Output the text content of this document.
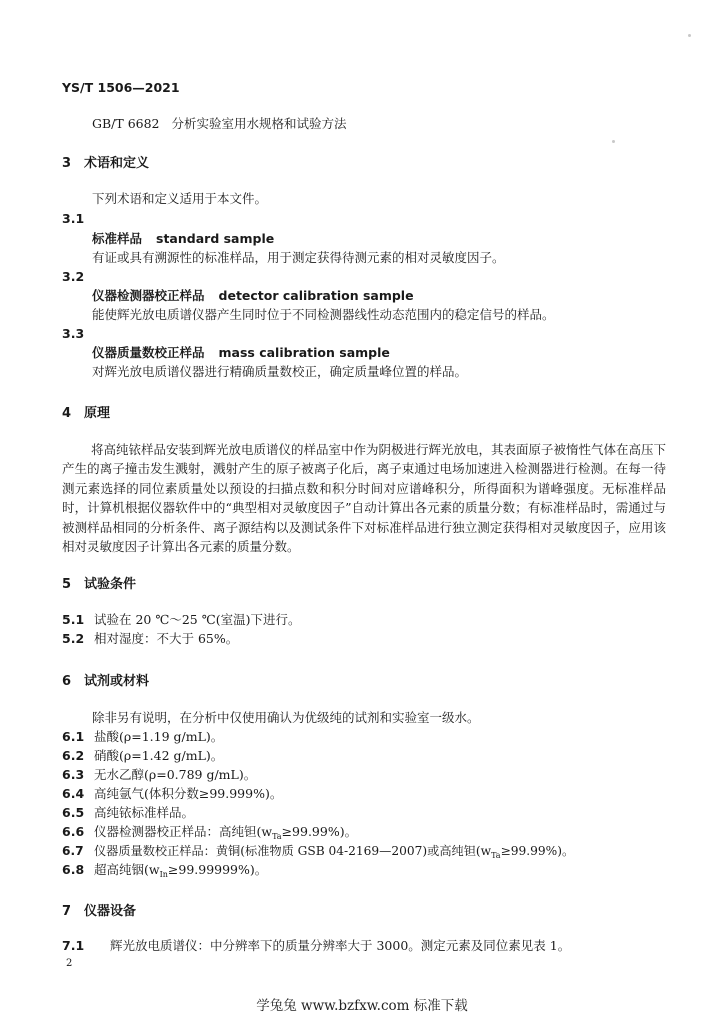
YS/T 1506—2021
GB/T 6682 分析实验室用水规格和试验方法
3 术语和定义
下列术语和定义适用于本文件。
3.1
标准样品 standard sample
有证或具有溯源性的标准样品，用于测定获得待测元素的相对灵敏度因子。
3.2
仪器检测器校正样品 detector calibration sample
能使辉光放电质谱仪器产生同时位于不同检测器线性动态范围内的稳定信号的样品。
3.3
仪器质量数校正样品 mass calibration sample
对辉光放电质谱仪器进行精确质量数校正，确定质量峰位置的样品。
4 原理
将高纯铱样品安装到辉光放电质谱仪的样品室中作为阴极进行辉光放电，其表面原子被惰性气体在高压下产生的离子撞击发生溅射，溅射产生的原子被离子化后，离子束通过电场加速进入检测器进行检测。在每一待测元素选择的同位素质量处以预设的扫描点数和积分时间对应谱峰积分，所得面积为谱峰强度。无标准样品时，计算机根据仪器软件中的“典型相对灵敏度因子”自动计算出各元素的质量分数；有标准样品时，需通过与被测样品相同的分析条件、离子源结构以及测试条件下对标准样品进行独立测定获得相对灵敏度因子，应用该相对灵敏度因子计算出各元素的质量分数。
5 试验条件
5.1 试验在 20 ℃～25 ℃(室温)下进行。
5.2 相对湿度：不大于 65%。
6 试剂或材料
除非另有说明，在分析中仅使用确认为优级纯的试剂和实验室一级水。
6.1 盐酸(ρ=1.19 g/mL)。
6.2 硝酸(ρ=1.42 g/mL)。
6.3 无水乙醇(ρ=0.789 g/mL)。
6.4 高纯氩气(体积分数≥99.999%)。
6.5 高纯铱标准样品。
6.6 仪器检测器校正样品：高纯钽$(w_{Ta}\ge 99.99\%)$。
6.7 仪器质量数校正样品：黄铜(标准物质 GSB 04-2169—2007)或高纯钽$(w_{Ta}\ge 99.99\%)$。
6.8 超高纯铟$(w_{In}\ge 99.99999\%)$。
7 仪器设备
7.1 辉光放电质谱仪：中分辨率下的质量分辨率大于 3000。测定元素及同位素见表 1。
2
学兔兔 www.bzfxw.com 标准下载
